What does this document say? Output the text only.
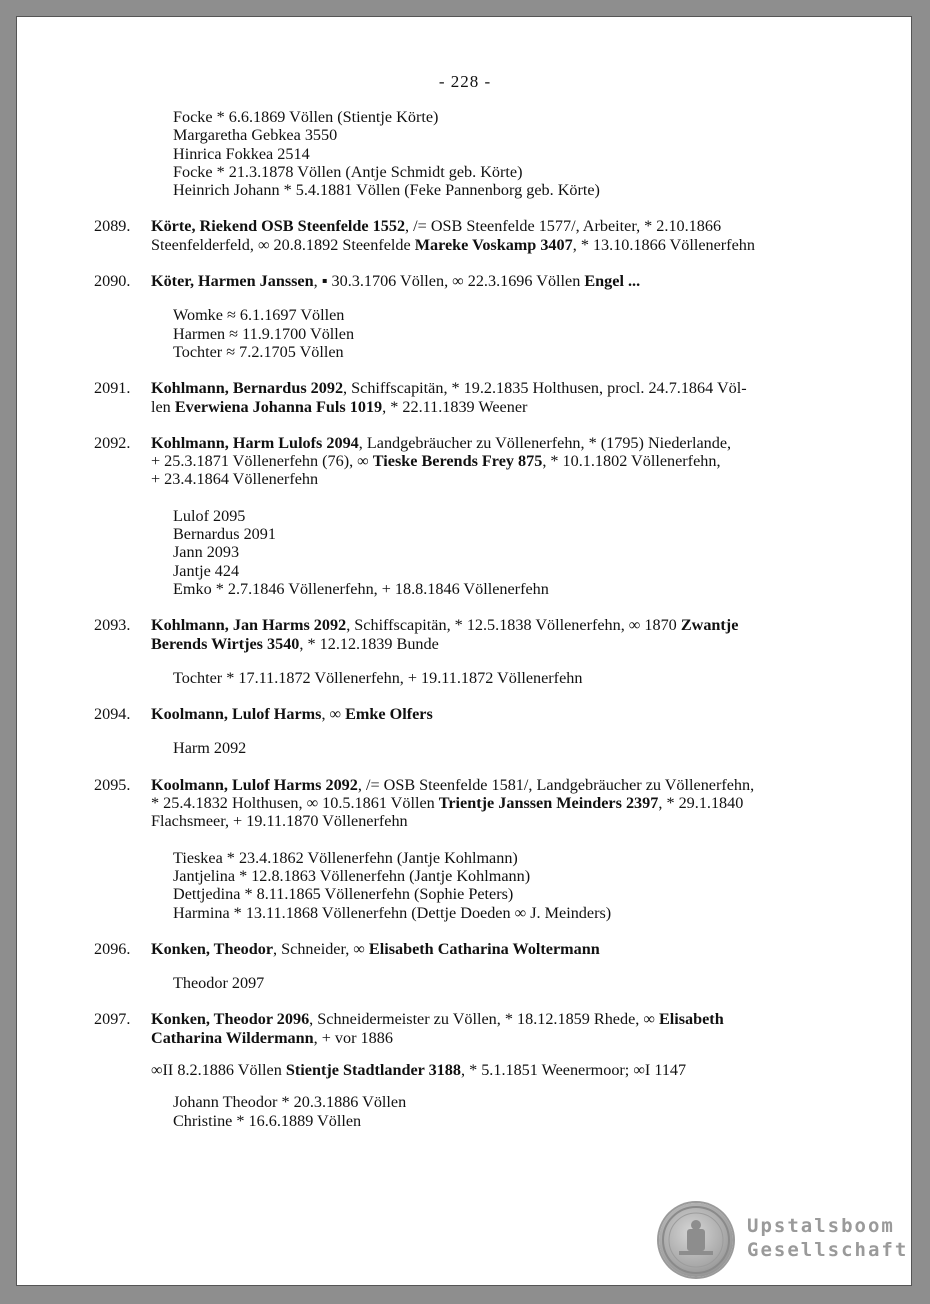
- 228 -
Focke * 6.6.1869 Völlen (Stientje Körte)
Margaretha Gebkea 3550
Hinrica Fokkea 2514
Focke * 21.3.1878 Völlen (Antje Schmidt geb. Körte)
Heinrich Johann * 5.4.1881 Völlen (Feke Pannenborg geb. Körte)
2089.	Körte, Riekend OSB Steenfelde 1552, /= OSB Steenfelde 1577/, Arbeiter, * 2.10.1866
Steenfelderfeld, ∞ 20.8.1892 Steenfelde Mareke Voskamp 3407, * 13.10.1866 Völlenerfehn
2090.	Köter, Harmen Janssen, ▪ 30.3.1706 Völlen, ∞ 22.3.1696 Völlen Engel ...
Womke ≈ 6.1.1697 Völlen
Harmen ≈ 11.9.1700 Völlen
Tochter ≈ 7.2.1705 Völlen
2091.	Kohlmann, Bernardus 2092, Schiffscapitän, * 19.2.1835 Holthusen, procl. 24.7.1864 Völ-
len Everwiena Johanna Fuls 1019, * 22.11.1839 Weener
2092.	Kohlmann, Harm Lulofs 2094, Landgebräucher zu Völlenerfehn, * (1795) Niederlande,
+ 25.3.1871 Völlenerfehn (76), ∞ Tieske Berends Frey 875, * 10.1.1802 Völlenerfehn,
+ 23.4.1864 Völlenerfehn
Lulof 2095
Bernardus 2091
Jann 2093
Jantje 424
Emko * 2.7.1846 Völlenerfehn, + 18.8.1846 Völlenerfehn
2093.	Kohlmann, Jan Harms 2092, Schiffscapitän, * 12.5.1838 Völlenerfehn, ∞ 1870 Zwantje
Berends Wirtjes 3540, * 12.12.1839 Bunde
Tochter * 17.11.1872 Völlenerfehn, + 19.11.1872 Völlenerfehn
2094.	Koolmann, Lulof Harms, ∞ Emke Olfers
Harm 2092
2095.	Koolmann, Lulof Harms 2092, /= OSB Steenfelde 1581/, Landgebräucher zu Völlenerfehn,
* 25.4.1832 Holthusen, ∞ 10.5.1861 Völlen Trientje Janssen Meinders 2397, * 29.1.1840
Flachsmeer, + 19.11.1870 Völlenerfehn
Tieskea * 23.4.1862 Völlenerfehn (Jantje Kohlmann)
Jantjelina * 12.8.1863 Völlenerfehn (Jantje Kohlmann)
Dettjedina * 8.11.1865 Völlenerfehn (Sophie Peters)
Harmina * 13.11.1868 Völlenerfehn (Dettje Doeden ∞ J. Meinders)
2096.	Konken, Theodor, Schneider, ∞ Elisabeth Catharina Woltermann
Theodor 2097
2097.	Konken, Theodor 2096, Schneidermeister zu Völlen, * 18.12.1859 Rhede, ∞ Elisabeth
Catharina Wildermann, + vor 1886
∞II 8.2.1886 Völlen Stientje Stadtlander 3188, * 5.1.1851 Weenermoor; ∞I 1147
Johann Theodor * 20.3.1886 Völlen
Christine * 16.6.1889 Völlen
Upstalsboom
Gesellschaft
